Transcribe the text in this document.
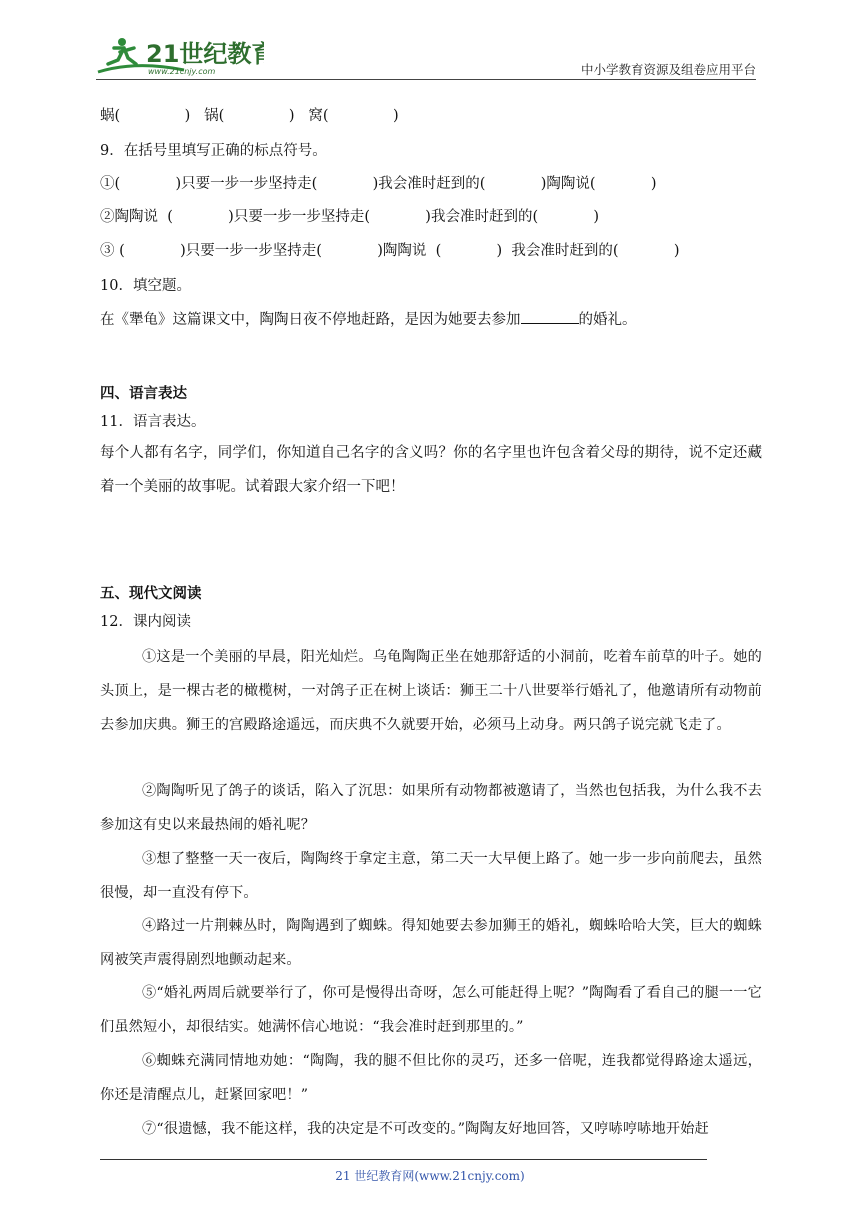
21世纪教育
www.21cnjy.com	中小学教育资源及组卷应用平台
蜗(              )   锅(              )   窝(              )
9．在括号里填写正确的标点符号。
①(            )只要一步一步坚持走(            )我会准时赶到的(            )陶陶说(            )
②陶陶说  (            )只要一步一步坚持走(            )我会准时赶到的(            )
③ (            )只要一步一步坚持走(            )陶陶说  (            )  我会准时赶到的(            )
10．填空题。
在《犟龟》这篇课文中，陶陶日夜不停地赶路，是因为她要去参加	的婚礼。
四、语言表达
11．语言表达。
每个人都有名字，同学们，你知道自己名字的含义吗？你的名字里也许包含着父母的期待，说不定还藏着一个美丽的故事呢。试着跟大家介绍一下吧！
五、现代文阅读
12．课内阅读
①这是一个美丽的早晨，阳光灿烂。乌龟陶陶正坐在她那舒适的小洞前，吃着车前草的叶子。她的头顶上，是一棵古老的橄榄树，一对鸽子正在树上谈话：狮王二十八世要举行婚礼了，他邀请所有动物前去参加庆典。狮王的宫殿路途遥远，而庆典不久就要开始，必须马上动身。两只鸽子说完就飞走了。
②陶陶听见了鸽子的谈话，陷入了沉思：如果所有动物都被邀请了，当然也包括我，为什么我不去参加这有史以来最热闹的婚礼呢？
③想了整整一天一夜后，陶陶终于拿定主意，第二天一大早便上路了。她一步一步向前爬去，虽然很慢，却一直没有停下。
④路过一片荆棘丛时，陶陶遇到了蜘蛛。得知她要去参加狮王的婚礼，蜘蛛哈哈大笑，巨大的蜘蛛网被笑声震得剧烈地颤动起来。
⑤“婚礼两周后就要举行了，你可是慢得出奇呀，怎么可能赶得上呢？”陶陶看了看自己的腿一一它们虽然短小，却很结实。她满怀信心地说：“我会准时赶到那里的。”
⑥蜘蛛充满同情地劝她：“陶陶，我的腿不但比你的灵巧，还多一倍呢，连我都觉得路途太遥远，你还是清醒点儿，赶紧回家吧！”
⑦“很遗憾，我不能这样，我的决定是不可改变的。”陶陶友好地回答，又哼哧哼哧地开始赶
21 世纪教育网(www.21cnjy.com)
